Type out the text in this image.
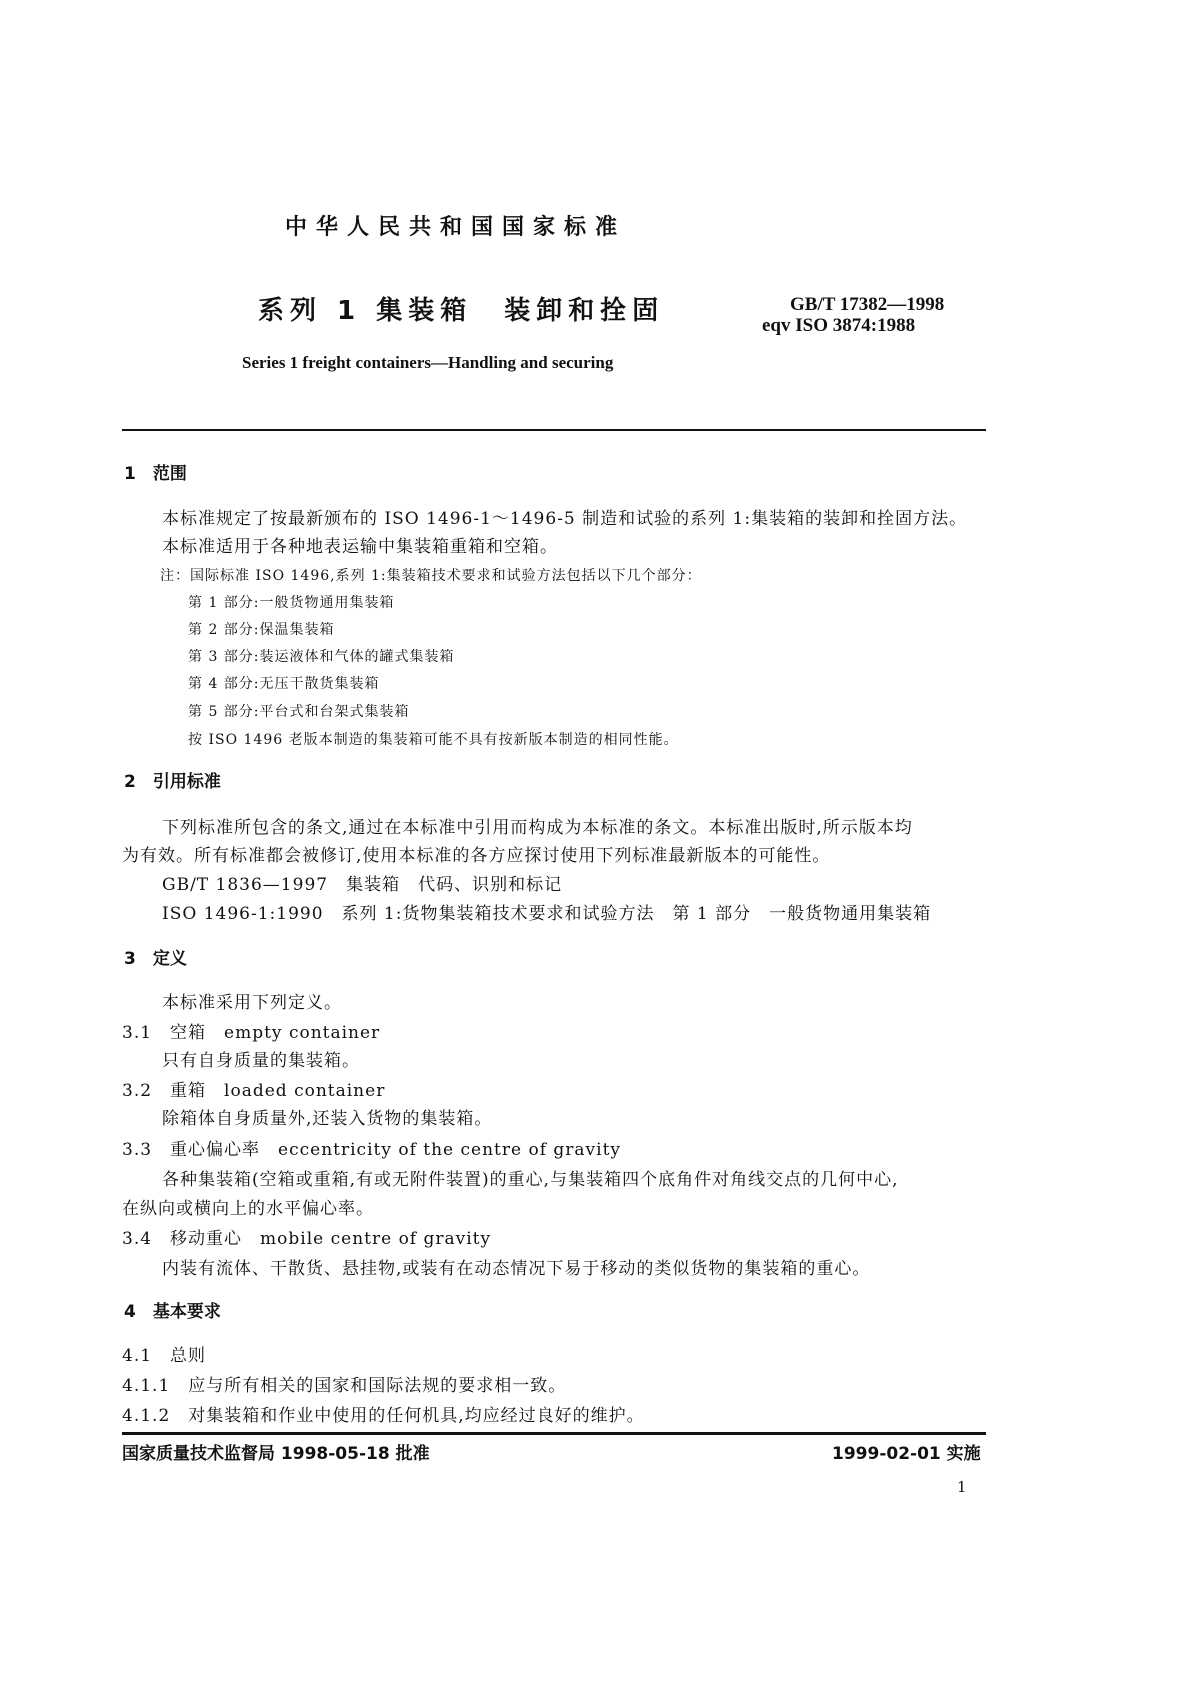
中华人民共和国国家标准
系列 1 集装箱　装卸和拴固	GB/T 17382—1998
eqv ISO 3874:1988
Series 1 freight containers—Handling and securing
1　范围
本标准规定了按最新颁布的 ISO 1496-1～1496-5 制造和试验的系列 1:集装箱的装卸和拴固方法。
本标准适用于各种地表运输中集装箱重箱和空箱。
注：国际标准 ISO 1496,系列 1:集装箱技术要求和试验方法包括以下几个部分：
第 1 部分:一般货物通用集装箱
第 2 部分:保温集装箱
第 3 部分:装运液体和气体的罐式集装箱
第 4 部分:无压干散货集装箱
第 5 部分:平台式和台架式集装箱
按 ISO 1496 老版本制造的集装箱可能不具有按新版本制造的相同性能。
2　引用标准
下列标准所包含的条文,通过在本标准中引用而构成为本标准的条文。本标准出版时,所示版本均
为有效。所有标准都会被修订,使用本标准的各方应探讨使用下列标准最新版本的可能性。
GB/T 1836—1997　集装箱　代码、识别和标记
ISO 1496-1:1990　系列 1:货物集装箱技术要求和试验方法　第 1 部分　一般货物通用集装箱
3　定义
本标准采用下列定义。
3.1　空箱　empty container
只有自身质量的集装箱。
3.2　重箱　loaded container
除箱体自身质量外,还装入货物的集装箱。
3.3　重心偏心率　eccentricity of the centre of gravity
各种集装箱(空箱或重箱,有或无附件装置)的重心,与集装箱四个底角件对角线交点的几何中心,
在纵向或横向上的水平偏心率。
3.4　移动重心　mobile centre of gravity
内装有流体、干散货、悬挂物,或装有在动态情况下易于移动的类似货物的集装箱的重心。
4　基本要求
4.1　总则
4.1.1　应与所有相关的国家和国际法规的要求相一致。
4.1.2　对集装箱和作业中使用的任何机具,均应经过良好的维护。
国家质量技术监督局 1998-05-18 批准	1999-02-01 实施
1
